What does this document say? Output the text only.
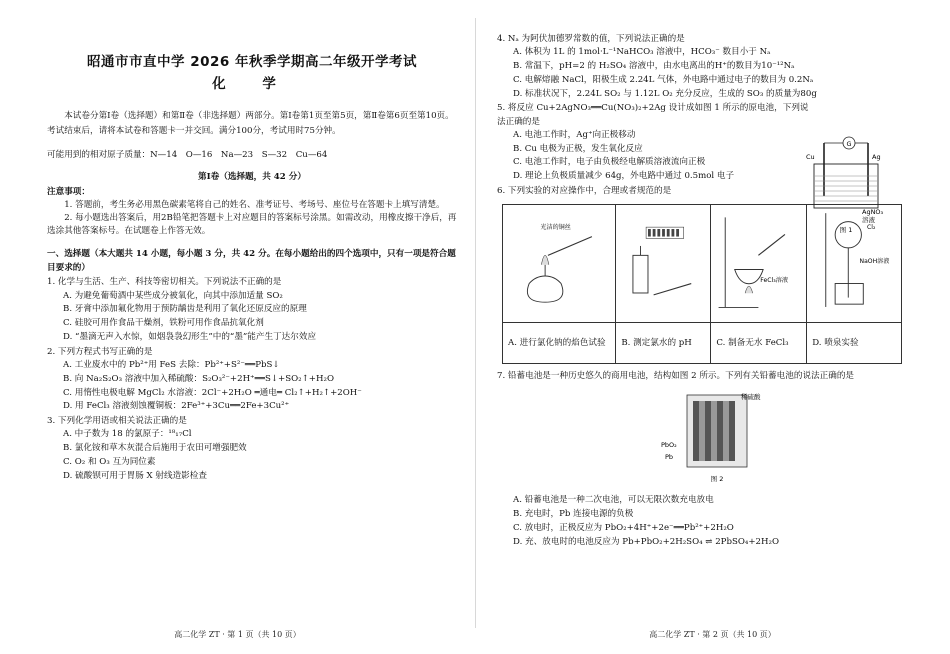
昭通市市直中学 2026 年秋季学期高二年级开学考试
化 学

本试卷分第Ⅰ卷（选择题）和第Ⅱ卷（非选择题）两部分。第Ⅰ卷第1页至第5页，第Ⅱ卷第6页至第10页。考试结束后，请将本试卷和答题卡一并交回。满分100分，考试用时75分钟。

可能用到的相对原子质量：N—14　O—16　Na—23　S—32　Cu—64

第Ⅰ卷（选择题，共 42 分）

注意事项：

1. 答题前，考生务必用黑色碳素笔将自己的姓名、准考证号、考场号、座位号在答题卡上填写清楚。

2. 每小题选出答案后，用2B铅笔把答题卡上对应题目的答案标号涂黑。如需改动，用橡皮擦干净后，再选涂其他答案标号。在试题卷上作答无效。

一、选择题（本大题共 14 小题，每小题 3 分，共 42 分。在每小题给出的四个选项中，只有一项是符合题目要求的）

1. 化学与生活、生产、科技等密切相关。下列说法不正确的是

A. 为避免葡萄酒中某些成分被氧化，向其中添加适量 SO₂

B. 牙膏中添加氟化物用于预防龋齿是利用了氧化还原反应的原理

C. 硅胶可用作食品干燥剂，铁粉可用作食品抗氧化剂

D. “墨滴无声入水惊，如烟袅袅幻形生”中的“墨”能产生丁达尔效应

2. 下列方程式书写正确的是

A. 工业废水中的 Pb²⁺用 FeS 去除：Pb²⁺+S²⁻══PbS↓

B. 向 Na₂S₂O₃ 溶液中加入稀硫酸：S₂O₃²⁻+2H⁺══S↓+SO₂↑+H₂O

C. 用惰性电极电解 MgCl₂ 水溶液：2Cl⁻+2H₂O ═通电═ Cl₂↑+H₂↑+2OH⁻

D. 用 FeCl₃ 溶液刻蚀覆铜板：2Fe³⁺+3Cu══2Fe+3Cu²⁺

3. 下列化学用语或相关说法正确的是

A. 中子数为 18 的氯原子：¹⁸₁₇Cl

B. 氯化铵和草木灰混合后施用于农田可增强肥效

C. O₂ 和 O₃ 互为同位素

D. 硫酸钡可用于胃肠 X 射线造影检查

高二化学 ZT · 第 1 页（共 10 页）

4. Nₐ 为阿伏加德罗常数的值，下列说法正确的是

A. 体积为 1L 的 1mol·L⁻¹NaHCO₃ 溶液中，HCO₃⁻ 数目小于 Nₐ

B. 常温下，pH=2 的 H₂SO₄ 溶液中，由水电离出的H⁺的数目为10⁻¹²Nₐ

C. 电解熔融 NaCl，阳极生成 2.24L 气体，外电路中通过电子的数目为 0.2Nₐ

D. 标准状况下，2.24L SO₂ 与 1.12L O₂ 充分反应，生成的 SO₃ 的质量为80g

5. 将反应 Cu+2AgNO₃══Cu(NO₃)₂+2Ag 设计成如图 1 所示的原电池，下列说法正确的是

A. 电池工作时，Ag⁺向正极移动

B. Cu 电极为正极，发生氧化反应

C. 电池工作时，电子由负极经电解质溶液流向正极

D. 理论上负极质量减少 64g，外电路中通过 0.5mol 电子

G
Cu	Ag
AgNO₃
溶液
图 1

6. 下列实验的对应操作中，合理或者规范的是

光洁的铜丝		FeCl₃溶液	Cl₂
NaOH溶液

A. 进行氯化钠的焰色试验	B. 测定氯水的 pH	C. 制备无水 FeCl₃	D. 喷泉实验

7. 铅蓄电池是一种历史悠久的商用电池，结构如图 2 所示。下列有关铅蓄电池的说法正确的是

稀硫酸
PbO₂
Pb
图 2

A. 铅蓄电池是一种二次电池，可以无限次数充电放电

B. 充电时，Pb 连接电源的负极

C. 放电时，正极反应为 PbO₂+4H⁺+2e⁻══Pb²⁺+2H₂O

D. 充、放电时的电池反应为 Pb+PbO₂+2H₂SO₄ ⇌ 2PbSO₄+2H₂O

高二化学 ZT · 第 2 页（共 10 页）
